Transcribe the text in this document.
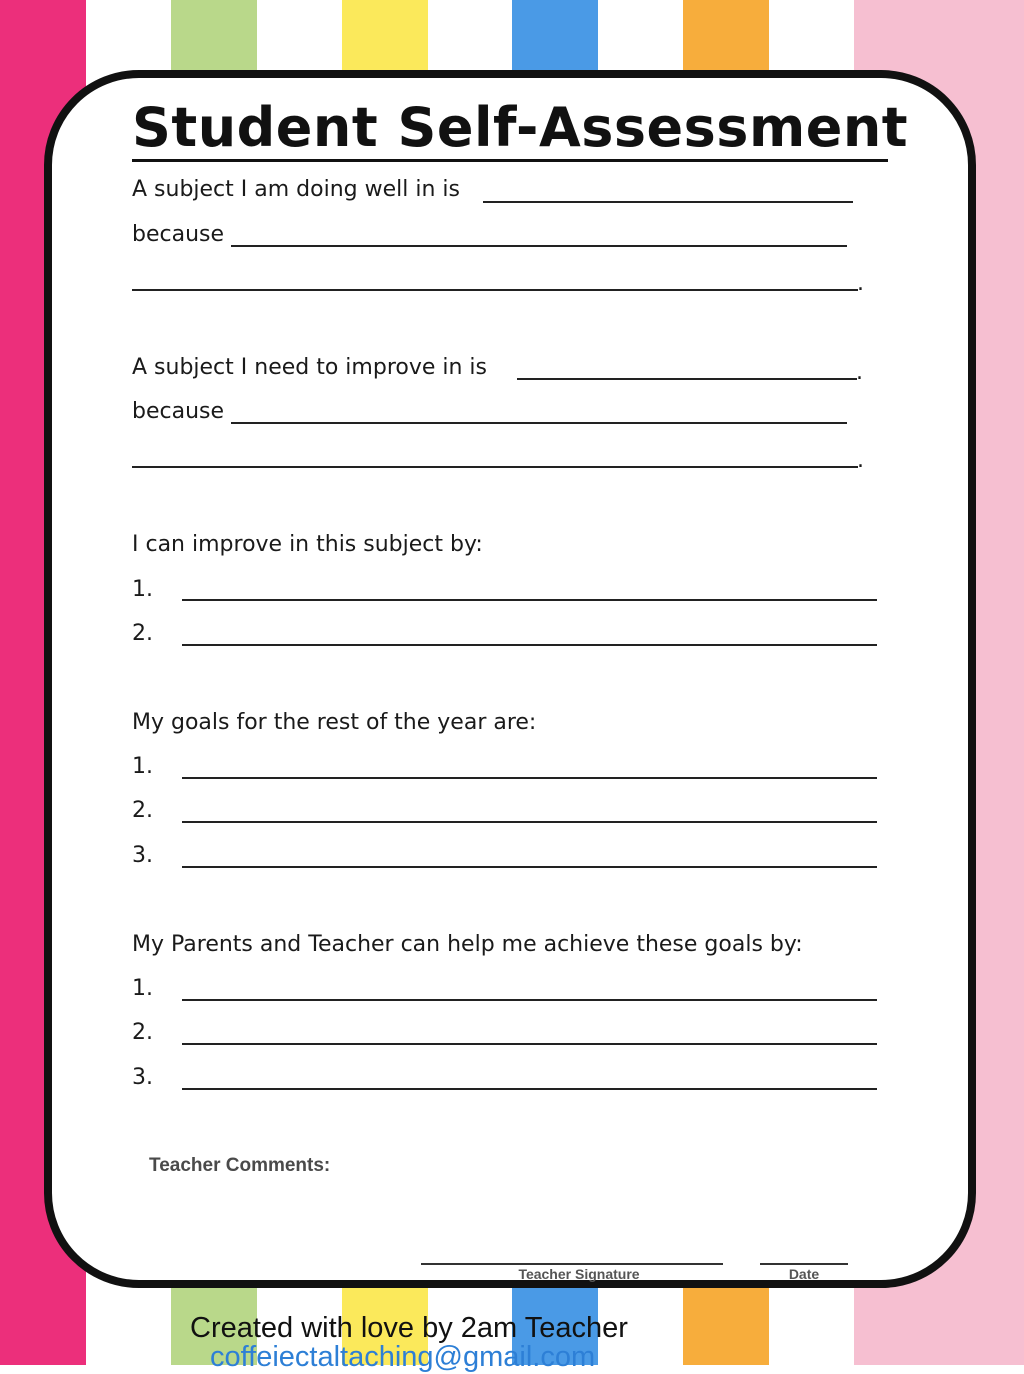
Student Self-Assessment
A subject I am doing well in is
because
.
A subject I need to improve in is	.
because
.
I can improve in this subject by:
1.
2.
My goals for the rest of the year are:
1.
2.
3.
My Parents and Teacher can help me achieve these goals by:
1.
2.
3.
Teacher Comments:
Teacher Signature	Date
Created with love by 2am Teacher
coffeiectaltaching@gmail.com
